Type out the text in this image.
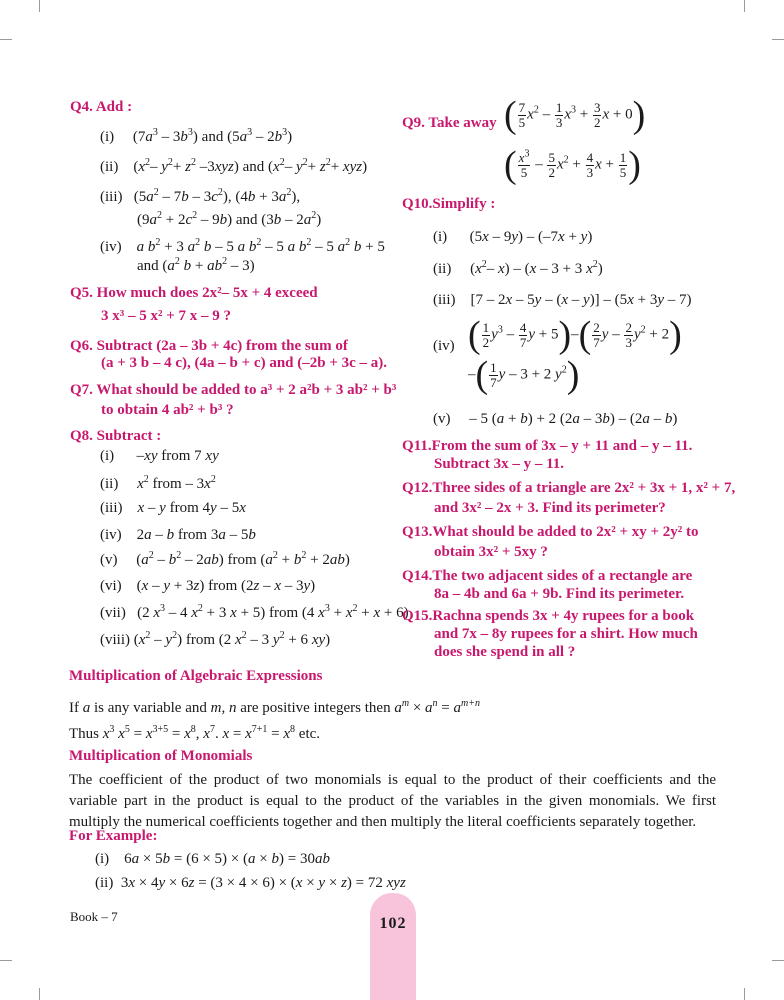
Q4. Add :
(i)     $(7a^3 - 3b^3)$ and $(5a^3 - 2b^3)$
(ii)    ($x^2-$ $y^2+ z^2$ –3xyz) and ($x^2-$ $y^2+ z^2+ xyz$)
(iii)   $(5a^2 - 7b - 3c^2)$, $(4b + 3a^2)$,
$(9a^2 + 2c^2 - 9b)$ and $(3b - 2a^2)$
(iv) a $b^2 + 3$ $a^2$ b – 5 a $b^2 - 5$ a $b^2 - 5$ $a^2$ b + 5
and ($a^2$ $b + ab^2 - 3$)
Q5. How much does 2x²– 5x + 4 exceed
3 x³ – 5 x² + 7 x – 9 ?
Q6. Subtract (2a – 3b + 4c) from the sum of
(a + 3 b – 4 c), (4a – b + c) and (–2b + 3c – a).
Q7. What should be added to a³ + 2 a²b + 3 ab² + b³
to obtain 4 ab² + b³ ?
Q8. Subtract :
(i)      –xy from 7 xy
(ii) $x^2$ from – $3x^2$
(iii) x – y from 4y – 5x
(iv)    2a – b from 3a – 5b
(v)     $(a^2 - b^2 - 2ab)$ from $(a^2 + b^2 + 2ab)$
(vi)    (x – y + 3z) from (2z – x – 3y)
(vii)   (2 $x^3 - 4$ $x^2 + 3$ x + 5) from (4 $x^3 + x^2 + x + 6$)
(viii) $(x^2 - y^2)$ from (2 $x^2 - 3$ $y^2 + 6$ xy)
Q9. Take away ( $\frac{7}{5} x^2 - \frac{1}{3} x^3 + \frac{3}{2}$ x + 0)
( $\frac{x^3}{5} - \frac{5}{2} x^2 + \frac{4}{3}$ $x + \frac{1}{5}$ )
Q10.Simplify :
(i)      (5x – 9y) – (–7x + y)
(ii)     ($x^2-$ x) – (x – 3 + 3 $x^2$)
(iii)    [7 – 2x – 5y – (x – y)] – (5x + 3y – 7)
(iv) ( $\frac{1}{2} y^3 - \frac{4}{7}$ $y + 5)-( \frac{2}{7}$ $y - \frac{2}{3} y^2 + 2$)
–( $\frac{1}{7}$ y – 3 + 2 $y^2$)
(v)     – 5 (a + b) + 2 (2a – 3b) – (2a – b)
Q11.From the sum of 3x – y + 11 and – y – 11.
Subtract 3x – y – 11.
Q12.Three sides of a triangle are 2x² + 3x + 1, x² + 7,
and 3x² – 2x + 3. Find its perimeter?
Q13.What should be added to 2x² + xy + 2y² to
obtain 3x² + 5xy ?
Q14.The two adjacent sides of a rectangle are
8a – 4b and 6a + 9b. Find its perimeter.
Q15.Rachna spends 3x + 4y rupees for a book
and 7x – 8y rupees for a shirt. How much
does she spend in all ?
Multiplication of Algebraic Expressions
If a is any variable and m, n are positive integers then $a^m \times a^n = a^{m+n}$
Thus $x^3$ $x^5 = x^{3+5} = x^8$, $x^7$. $x = x^{7+1} = x^8$ etc.
Multiplication of Monomials
The coefficient of the product of two monomials is equal to the product of their coefficients and the variable part in the product is equal to the product of the variables in the given monomials. We first multiply the numerical coefficients together and then multiply the literal coefficients separately together.
For Example:
(i)    6a × 5b = (6 × 5) × (a × b) = 30ab
(ii)  3x × 4y × 6z = (3 × 4 × 6) × (x × y × z) = 72 xyz
Book – 7	102
